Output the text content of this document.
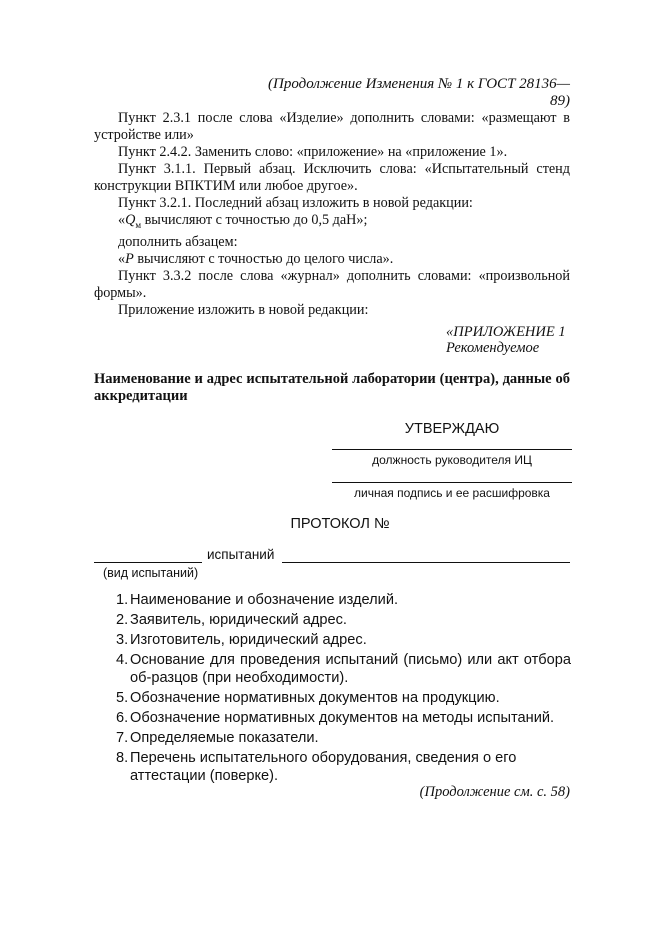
(Продолжение Изменения № 1 к ГОСТ 28136—89)

Пункт 2.3.1 после слова «Изделие» дополнить словами: «размещают в устройстве или»

Пункт 2.4.2. Заменить слово: «приложение» на «приложение 1».

Пункт 3.1.1. Первый абзац. Исключить слова: «Испытательный стенд конструкции ВПКТИМ или любое другое».

Пункт 3.2.1. Последний абзац изложить в новой редакции:

«$Q_м$ вычисляют с точностью до 0,5 даН»;

дополнить абзацем:

«P вычисляют с точностью до целого числа».

Пункт 3.3.2 после слова «журнал» дополнить словами: «произвольной формы».

Приложение изложить в новой редакции:

«ПРИЛОЖЕНИЕ 1
Рекомендуемое
Наименование и адрес испытательной лаборатории (центра), данные об аккредитации
УТВЕРЖДАЮ
должность руководителя ИЦ
личная подпись и ее расшифровка
ПРОТОКОЛ №
испытаний
(вид испытаний)
1. Наименование и обозначение изделий.
2. Заявитель, юридический адрес.
3. Изготовитель, юридический адрес.
4. Основание для проведения испытаний (письмо) или акт отбора об-разцов (при необходимости).
5. Обозначение нормативных документов на продукцию.
6. Обозначение нормативных документов на методы испытаний.
7. Определяемые показатели.
8. Перечень испытательного оборудования, сведения о его аттестации (поверке).
(Продолжение см. с. 58)
